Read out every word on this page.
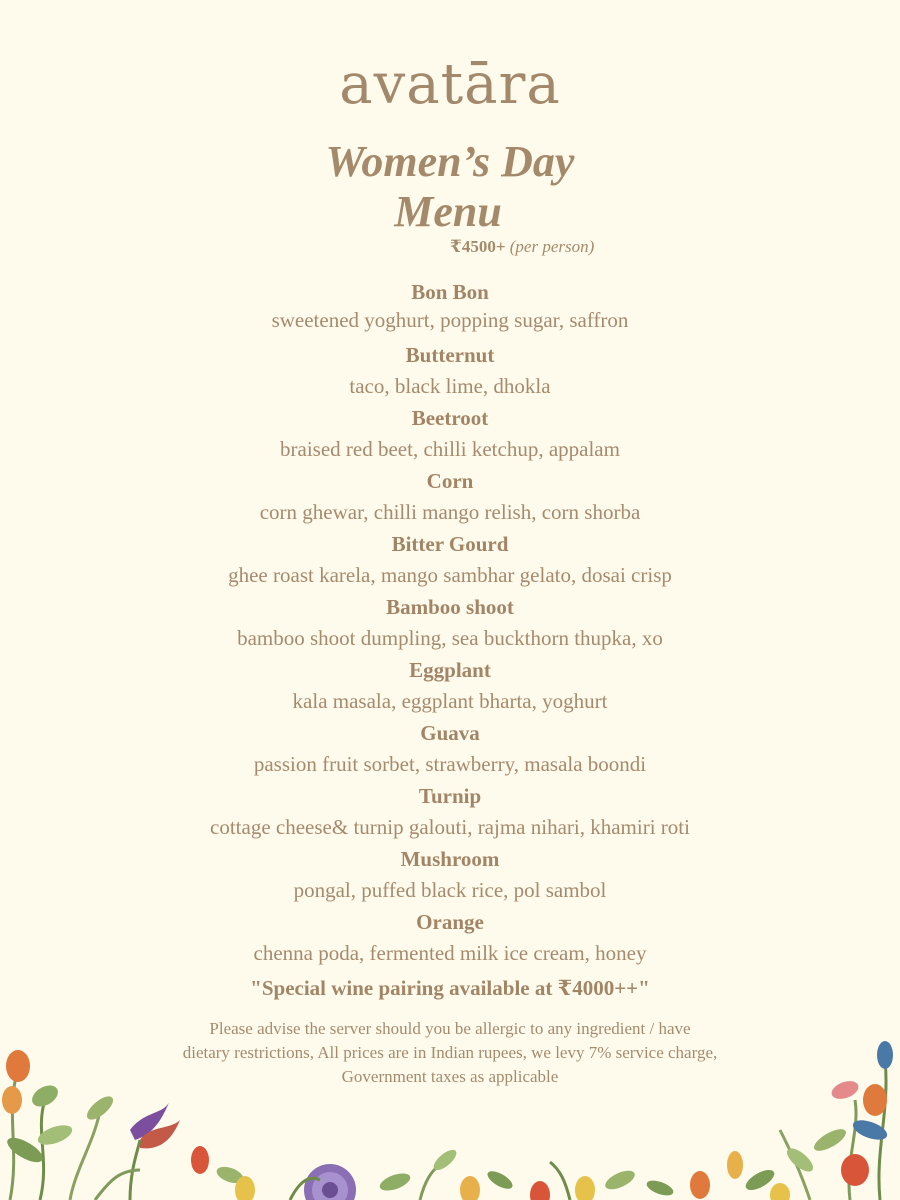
avatāra
Women’s Day
Menu
₹4500+ (per person)
Bon Bon
sweetened yoghurt, popping sugar, saffron
Butternut
taco, black lime, dhokla
Beetroot
braised red beet, chilli ketchup, appalam
Corn
corn ghewar, chilli mango relish, corn shorba
Bitter Gourd
ghee roast karela, mango sambhar gelato, dosai crisp
Bamboo shoot
bamboo shoot dumpling, sea buckthorn thupka, xo
Eggplant
kala masala, eggplant bharta, yoghurt
Guava
passion fruit sorbet, strawberry, masala boondi
Turnip
cottage cheese& turnip galouti, rajma nihari, khamiri roti
Mushroom
pongal, puffed black rice, pol sambol
Orange
chenna poda, fermented milk ice cream, honey
"Special wine pairing available at ₹4000++"
Please advise the server should you be allergic to any ingredient / have
dietary restrictions, All prices are in Indian rupees, we levy 7% service charge,
Government taxes as applicable
